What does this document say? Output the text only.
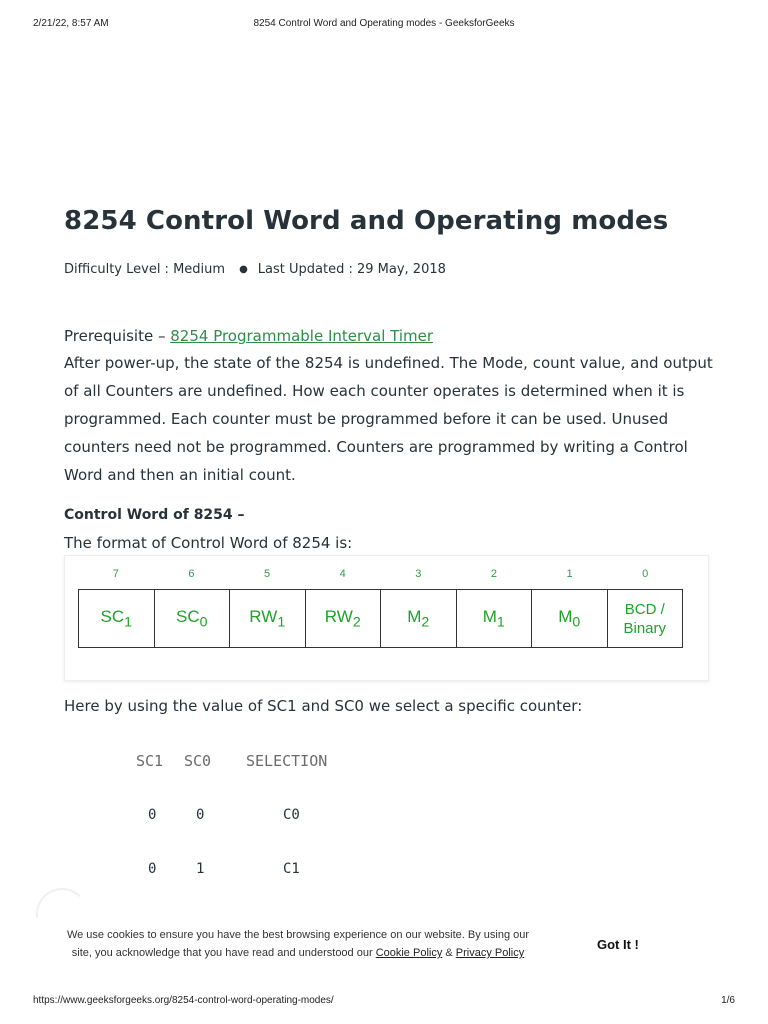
2/21/22, 8:57 AM	8254 Control Word and Operating modes - GeeksforGeeks
8254 Control Word and Operating modes
Difficulty Level : Medium ● Last Updated : 29 May, 2018
Prerequisite – 8254 Programmable Interval Timer
After power-up, the state of the 8254 is undefined. The Mode, count value, and output of all Counters are undefined. How each counter operates is determined when it is programmed. Each counter must be programmed before it can be used. Unused counters need not be programmed. Counters are programmed by writing a Control Word and then an initial count.
Control Word of 8254 –
The format of Control Word of 8254 is:
7	6	5	4	3	2	1	0
$SC_1$	$SC_0$	$RW_1$	$RW_2$	$M_2$	$M_1$	$M_0$	BCD /
Binary
Here by using the value of SC1 and SC0 we select a specific counter:
SC1 SC0 SELECTION
0	0	C0
0	1	C1
We use cookies to ensure you have the best browsing experience on our website. By using our site, you acknowledge that you have read and understood our Cookie Policy & Privacy Policy
Got It !
https://www.geeksforgeeks.org/8254-control-word-operating-modes/	1/6
